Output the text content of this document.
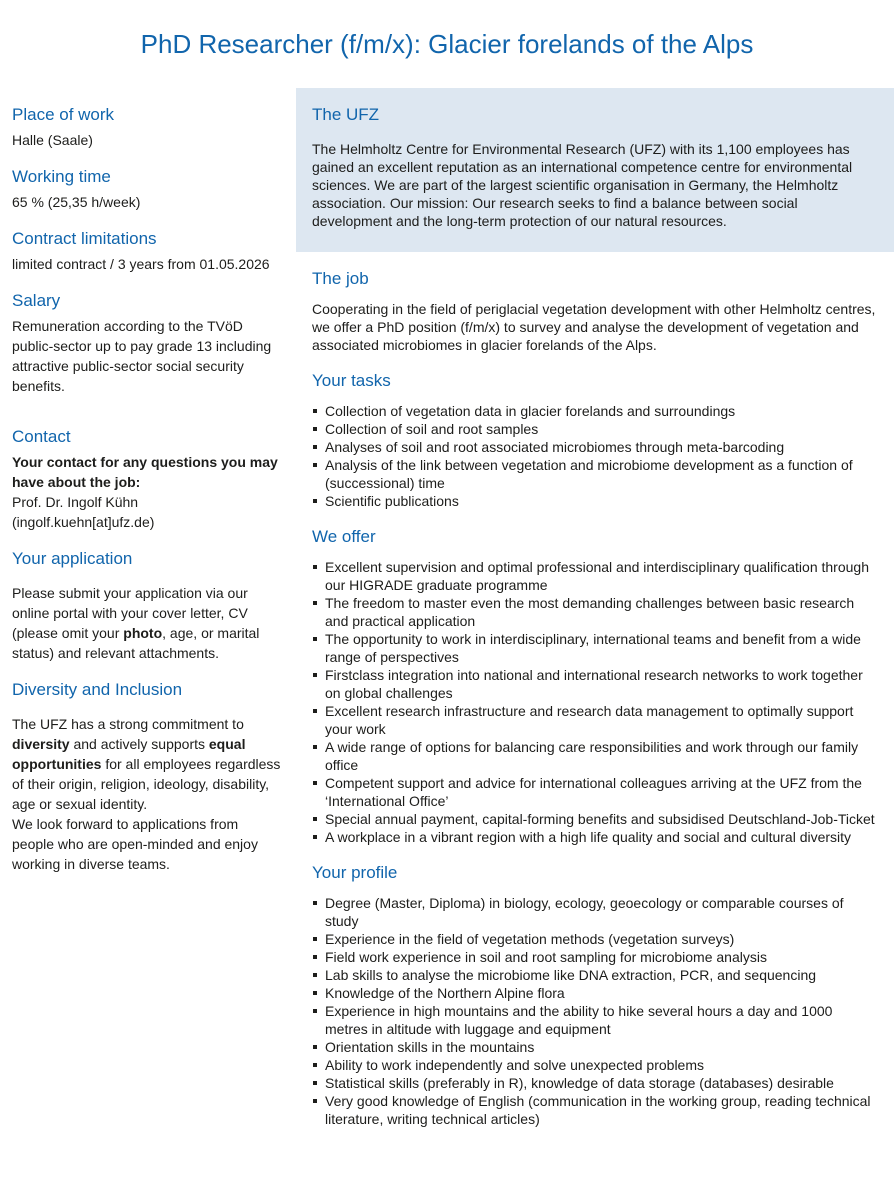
PhD Researcher (f/m/x): Glacier forelands of the Alps
Place of work

Halle (Saale)

Working time

65 % (25,35 h/week)

Contract limitations

limited contract / 3 years from 01.05.2026

Salary

Remuneration according to the TVöD public-sector up to pay grade 13 including attractive public-sector social security benefits.

Contact

Your contact for any questions you may have about the job:

Prof. Dr. Ingolf Kühn

(ingolf.kuehn[at]ufz.de)

Your application

Please submit your application via our online portal with your cover letter, CV (please omit your photo, age, or marital status) and relevant attachments.

Diversity and Inclusion

The UFZ has a strong commitment to diversity and actively supports equal opportunities for all employees regardless of their origin, religion, ideology, disability, age or sexual identity.

We look forward to applications from people who are open-minded and enjoy working in diverse teams.

The UFZ

The Helmholtz Centre for Environmental Research (UFZ) with its 1,100 employees has gained an excellent reputation as an international competence centre for environmental sciences. We are part of the largest scientific organisation in Germany, the Helmholtz association. Our mission: Our research seeks to find a balance between social development and the long-term protection of our natural resources.

The job

Cooperating in the field of periglacial vegetation development with other Helmholtz centres, we offer a PhD position (f/m/x) to survey and analyse the development of vegetation and associated microbiomes in glacier forelands of the Alps.

Your tasks
Collection of vegetation data in glacier forelands and surroundings
Collection of soil and root samples
Analyses of soil and root associated microbiomes through meta-barcoding
Analysis of the link between vegetation and microbiome development as a function of (successional) time
Scientific publications
We offer
Excellent supervision and optimal professional and interdisciplinary qualification through our HIGRADE graduate programme
The freedom to master even the most demanding challenges between basic research and practical application
The opportunity to work in interdisciplinary, international teams and benefit from a wide range of perspectives
Firstclass integration into national and international research networks to work together on global challenges
Excellent research infrastructure and research data management to optimally support your work
A wide range of options for balancing care responsibilities and work through our family office
Competent support and advice for international colleagues arriving at the UFZ from the ‘International Office’
Special annual payment, capital-forming benefits and subsidised Deutschland-Job-Ticket
A workplace in a vibrant region with a high life quality and social and cultural diversity
Your profile
Degree (Master, Diploma) in biology, ecology, geoecology or comparable courses of study
Experience in the field of vegetation methods (vegetation surveys)
Field work experience in soil and root sampling for microbiome analysis
Lab skills to analyse the microbiome like DNA extraction, PCR, and sequencing
Knowledge of the Northern Alpine flora
Experience in high mountains and the ability to hike several hours a day and 1000 metres in altitude with luggage and equipment
Orientation skills in the mountains
Ability to work independently and solve unexpected problems
Statistical skills (preferably in R), knowledge of data storage (databases) desirable
Very good knowledge of English (communication in the working group, reading technical literature, writing technical articles)
